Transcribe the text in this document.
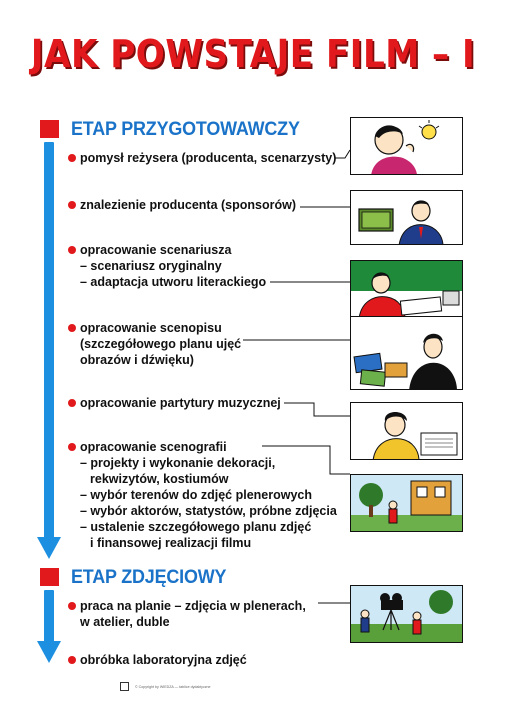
JAK POWSTAJE FILM – I
ETAP PRZYGOTOWAWCZY
ETAP ZDJĘCIOWY
pomysł reżysera (producenta, scenarzysty)
znalezienie producenta (sponsorów)
opracowanie scenariusza
– scenariusz oryginalny
– adaptacja utworu literackiego
opracowanie scenopisu
(szczegółowego planu ujęć
obrazów i dźwięku)
opracowanie partytury muzycznej
opracowanie scenografii
– projekty i wykonanie dekoracji,
rekwizytów, kostiumów
– wybór terenów do zdjęć plenerowych
– wybór aktorów, statystów, próbne zdjęcia
– ustalenie szczegółowego planu zdjęć
i finansowej realizacji filmu
praca na planie – zdjęcia w plenerach,
w atelier, duble
obróbka laboratoryjna zdjęć
© Copyright by WIEDZA — tablice dydaktyczne
